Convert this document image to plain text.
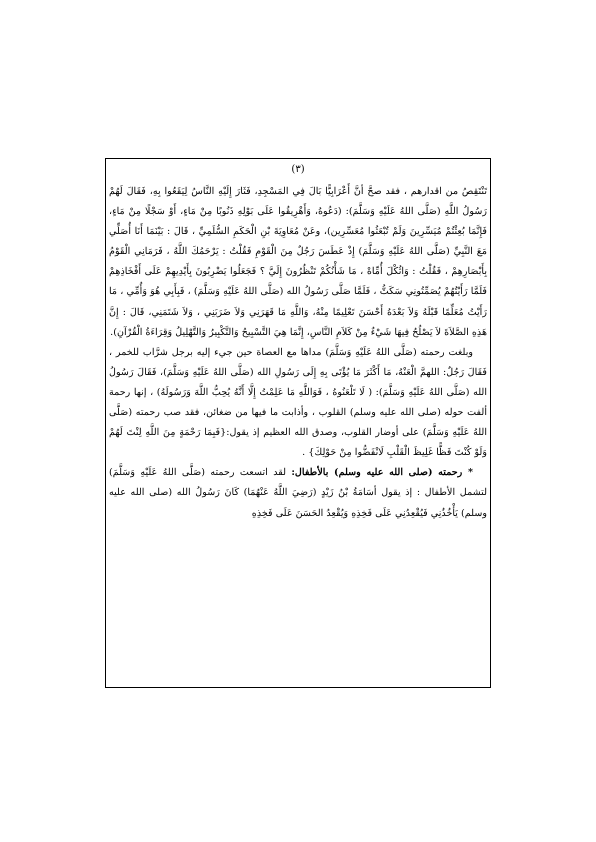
(٣)

تَنْتَقِصُ من اقدارهم ، فقد صحَّ أنَّ أَعْرَابِيًّا بَالَ فِي المَسْجِدِ، فَثَارَ إِلَيْهِ النَّاسُ لِيَقَعُوا بِهِ، فَقَالَ لَهُمْ رَسُولُ اللَّهِ (صَلَّى اللهُ عَلَيْهِ وَسَلَّمَ): (دَعُوهُ، وَأَهْرِيقُوا عَلَى بَوْلِهِ ذَنُوبًا مِنْ مَاءٍ، أَوْ سَجْلًا مِنْ مَاءٍ، فَإِنَّمَا بُعِثْتُمْ مُيَسِّرِينَ وَلَمْ تُبْعَثُوا مُعَسِّرِين)، وعَنْ مُعَاوِيَةَ بْنِ الْحَكَمِ السُّلَمِيِّ ، قَالَ : بَيْنَمَا أَنَا أُصَلِّي مَعَ النَّبِيِّ (صَلَّى اللهُ عَلَيْهِ وَسَلَّمَ) إِذْ عَطَسَ رَجُلٌ مِنَ الْقَوْمِ فَقُلْتُ : يَرْحَمُكَ اللَّهُ ، فَرَمَانِي الْقَوْمُ بِأَبْصَارِهِمْ ، فَقُلْتُ : وَاثُكْلَ أُمِّاهْ ، مَا شَأْنُكُمْ تَنْظُرُونَ إِلَيَّ ؟ فَجَعَلُوا يَضْرِبُونَ بِأَيْدِيهِمْ عَلَى أَفْخَاذِهِمْ فَلَمَّا رَأَيْتُهُمْ يُصَمِّتُونِي سَكَتُّ ، فَلَمَّا صَلَّى رَسُولُ الله (صَلَّى اللهُ عَلَيْهِ وَسَلَّمَ) ، فَبِأَبِي هُوَ وَأُمِّي ، مَا رَأَيْتُ مُعَلِّمًا قَبْلَهُ وَلاَ بَعْدَهُ أَحْسَنَ تَعْلِيمًا مِنْهُ، وَاللَّهِ مَا قَهَرَنِي وَلاَ ضَرَبَنِي ، وَلاَ شَتَمَنِي، قَالَ : إِنَّ هَذِهِ الصَّلاَةَ لاَ يَصْلُحُ فِيهَا شَيْءٌ مِنْ كَلاَمِ النَّاسِ، إِنَّمَا هِيَ التَّسْبِيحُ وَالتَّكْبِيرُ وَالتَّهْلِيلُ وَقِرَاءَةُ الْقُرْآنِ).

وبلغت رحمته (صَلَّى اللهُ عَلَيْهِ وَسَلَّمَ) مداها مع العصاة حين جيء إليه برجل شرَّاب للخمر ، فَقَالَ رَجُلٌ: اللهمَّ الْعَنْهُ، مَا أَكْثَرَ مَا يُؤْتَى بِهِ إِلَى رَسُولِ الله (صَلَّى اللهُ عَلَيْهِ وَسَلَّمَ)، فَقَالَ رَسُولُ الله (صَلَّى اللهُ عَلَيْهِ وَسَلَّمَ): ( لَا تَلْعَنُوهُ ، فَوَاللَّهِ مَا عَلِمْتُ إِلَّا أَنَّهُ يُحِبُّ اللَّهَ وَرَسُولَهُ) ، إنها رحمة ألفت حوله (صلى الله عليه وسلم) القلوب ، وأذابت ما فيها من ضغائن، فقد صب رحمته (صَلَّى اللهُ عَلَيْهِ وَسَلَّمَ) على أوضار القلوب، وصدق الله العظيم إذ يقول:{فَبِمَا رَحْمَةٍ مِنَ اللَّهِ لِنْتَ لَهُمْ وَلَوْ كُنْتَ فَظًّا غَلِيظَ الْقَلْبِ لَانْفَضُّوا مِنْ حَوْلِكَ} .

* رحمته (صلى الله عليه وسلم) بالأطفال: لقد اتسعت رحمته (صَلَّى اللهُ عَلَيْهِ وَسَلَّمَ) لتشمل الأطفال : إذ يقول أسَامَةُ بْنُ زَيْدٍ (رَضِيَ اللَّهُ عَنْهُمَا) كَانَ رَسُولُ الله (صلى الله عليه وسلم) يَأْخُذُنِي فَيُقْعِدُنِي عَلَى فَخِذِهِ وَيُقْعِدُ الحَسَنَ عَلَى فَخِذِهِ
